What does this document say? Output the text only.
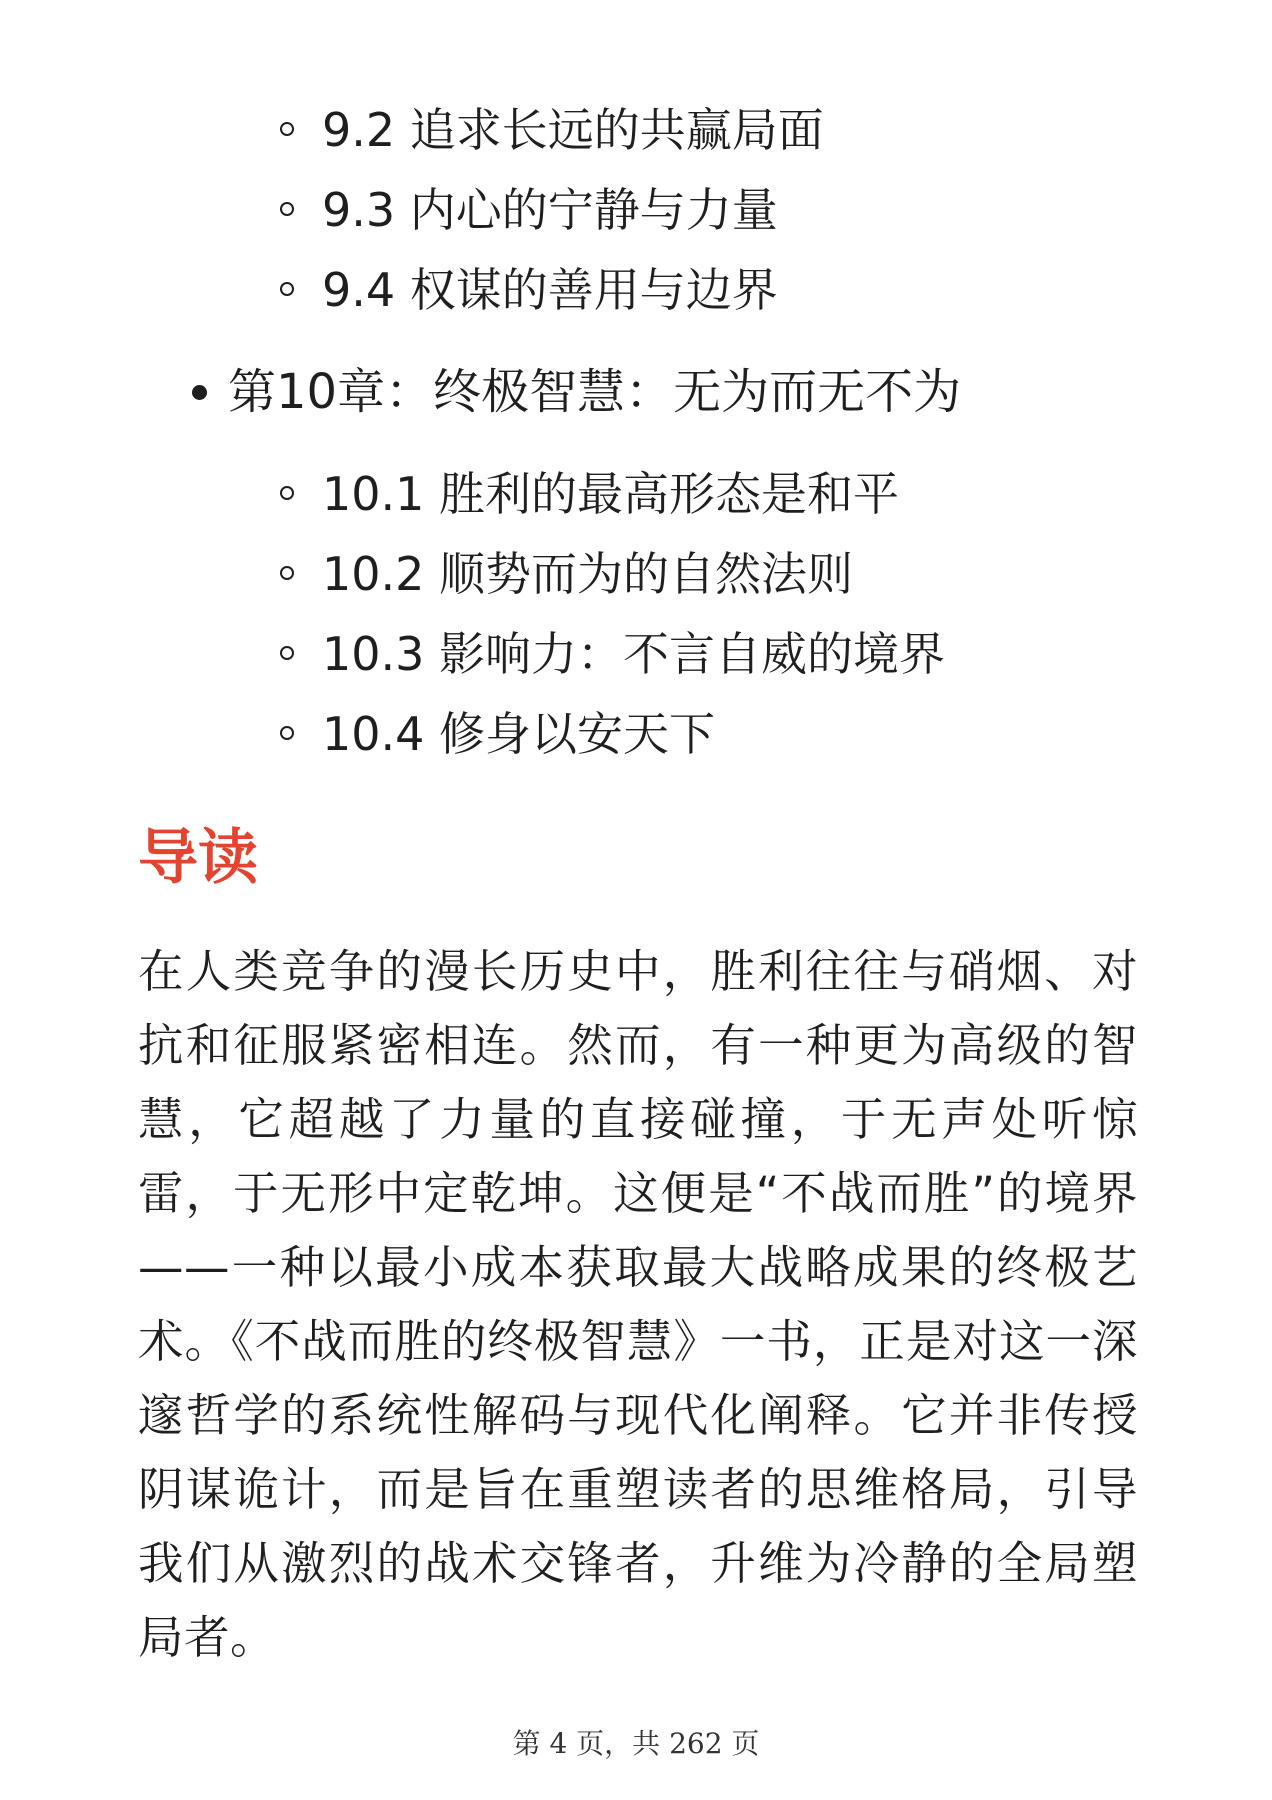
9.2 追求长远的共赢局面
9.3 内心的宁静与力量
9.4 权谋的善用与边界
第10章：终极智慧：无为而无不为
10.1 胜利的最高形态是和平
10.2 顺势而为的自然法则
10.3 影响力：不言自威的境界
10.4 修身以安天下
导读

在人类竞争的漫长历史中，胜利往往与硝烟、对抗和征服紧密相连。然而，有一种更为高级的智慧，它超越了力量的直接碰撞，于无声处听惊雷，于无形中定乾坤。这便是“不战而胜”的境界——一种以最小成本获取最大战略成果的终极艺术。《不战而胜的终极智慧》一书，正是对这一深邃哲学的系统性解码与现代化阐释。它并非传授阴谋诡计，而是旨在重塑读者的思维格局，引导我们从激烈的战术交锋者，升维为冷静的全局塑局者。

第 4 页，共 262 页
